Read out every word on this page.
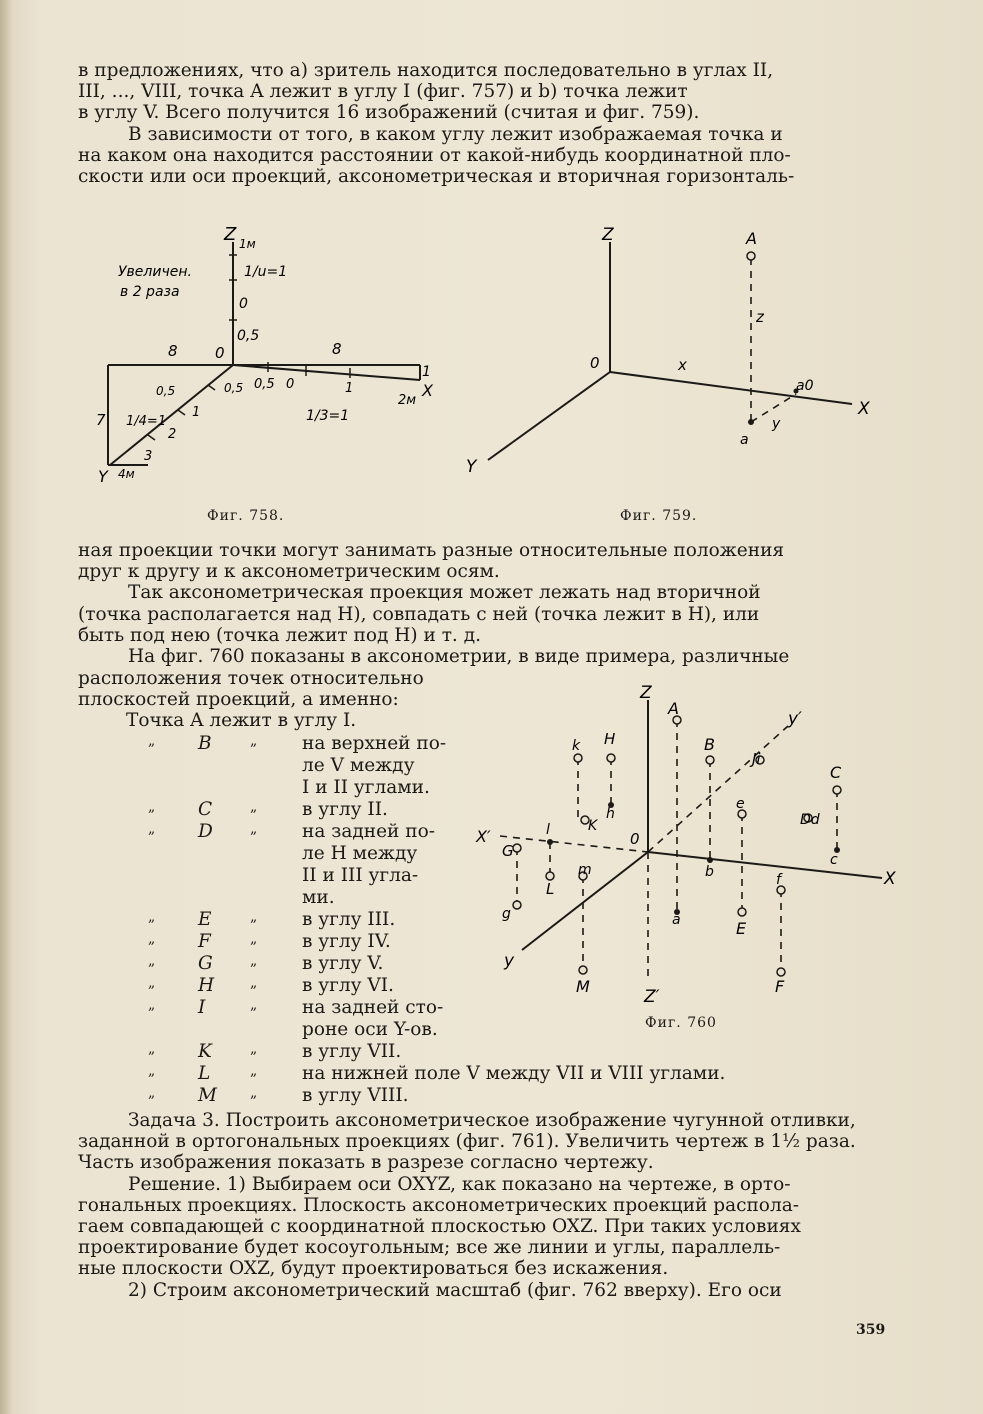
в предложениях, что а) зритель находится последовательно в углах II,

III, ..., VIII, точка A лежит в углу I (фиг. 757) и b) точка лежит

в углу V. Всего получится 16 изображений (считая и фиг. 759).

В зависимости от того, в каком углу лежит изображаемая точка и

на каком она находится расстоянии от какой-нибудь координатной пло-

скости или оси проекций, аксонометрическая и вторичная горизонталь-

Увеличен.
в 2 раза
Z 1м
1/u=1
0
0,5
0
8	8
1
X
2м
0,5 0,5 0	1
1/3=1
7 1/4=1
0,5
1
2
3
4м
Y
Фиг. 758.
Z	A
z
0	x
a0
X
y
a
Y
Фиг. 759.

ная проекции точки могут занимать разные относительные положения

друг к другу и к аксонометрическим осям.

Так аксонометрическая проекция может лежать над вторичной

(точка располагается над H), совпадать с ней (точка лежит в H), или

быть под нею (точка лежит под H) и т. д.

На фиг. 760 показаны в аксонометрии, в виде примера, различные

расположения точек относительно
плоскостей проекций, а именно:
Точка A лежит в углу I.
„ B	„ на верхней по-
ле V между
I и II углами.
„ C	„ в углу II.
„ D	„ на задней по-
ле H между
II и III угла-
ми.
„ E	„ в углу III.
„ F	„ в углу IV.
„ G	„ в углу V.
„ H	„ в углу VI.
„ I	„ на задней сто-
роне оси Y-ов.
„ K	„ в углу VII.
„ L	„ на нижней поле V между VII и VIII углами.
„ M „ в углу VIII.
Z
y′
X′	0
X
y
Z′
A
B
Ji
C
c
Dd
e
E
f
F
H
h
k
K
l
L
G
g
m
M
a
b
Фиг. 760

Задача 3. Построить аксонометрическое изображение чугунной отливки,

заданной в ортогональных проекциях (фиг. 761). Увеличить чертеж в 1½ раза.

Часть изображения показать в разрезе согласно чертежу.

Решение. 1) Выбираем оси OXYZ, как показано на чертеже, в орто-

гональных проекциях. Плоскость аксонометрических проекций распола-

гаем совпадающей с координатной плоскостью OXZ. При таких условиях

проектирование будет косоугольным; все же линии и углы, параллель-

ные плоскости OXZ, будут проектироваться без искажения.

2) Строим аксонометрический масштаб (фиг. 762 вверху). Его оси

359
